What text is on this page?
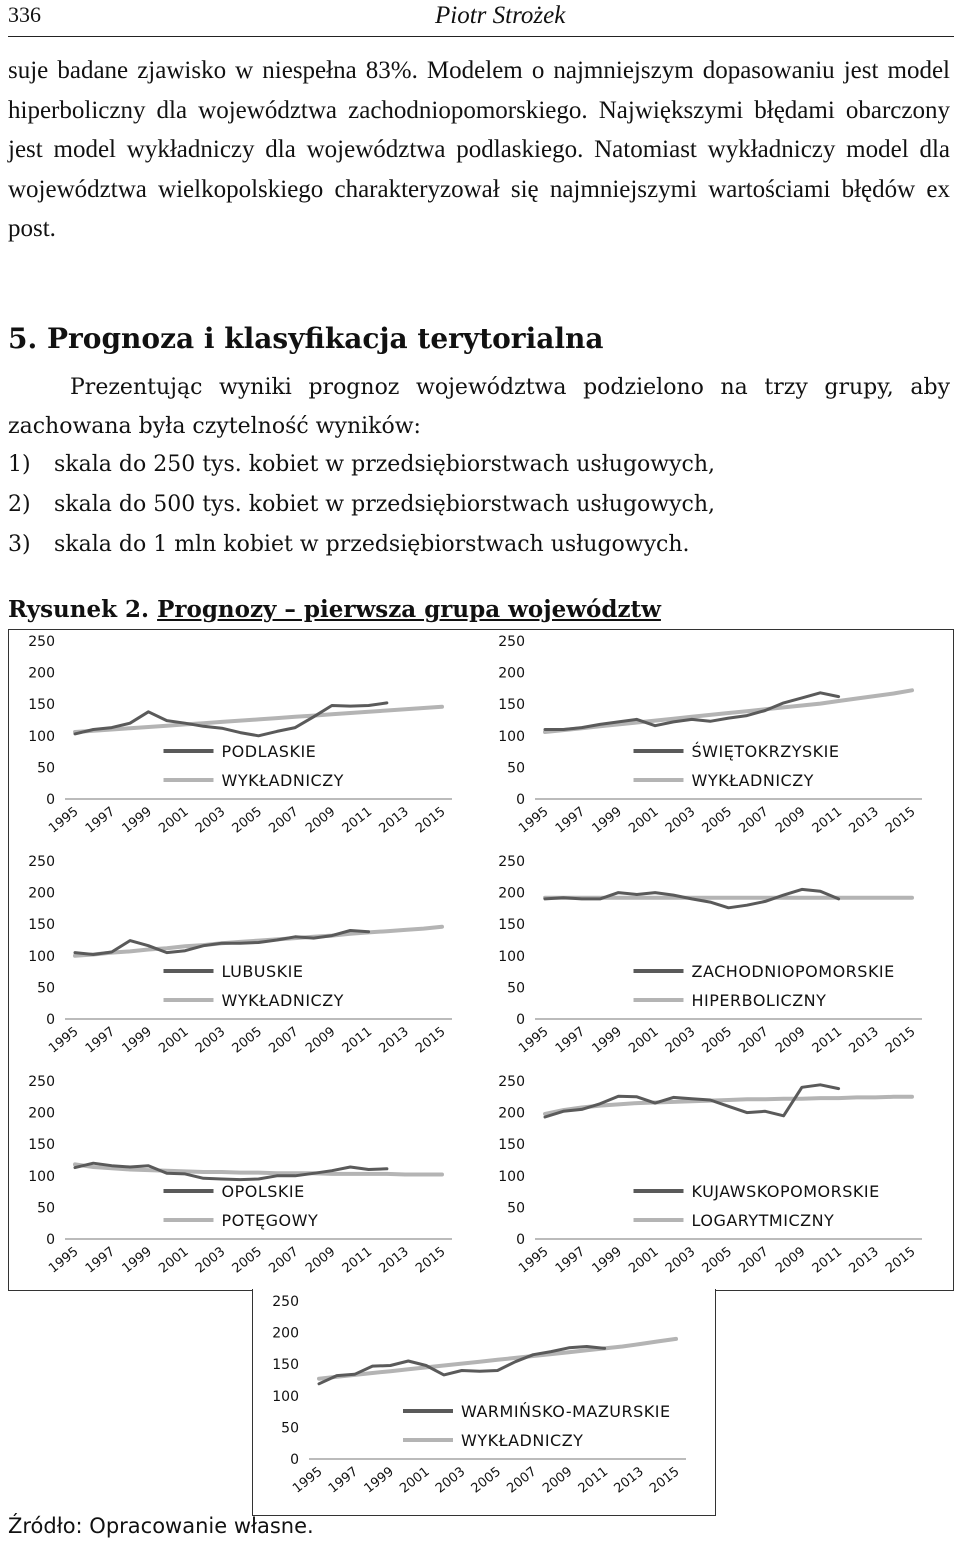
336	Piotr Strożek

suje badane zjawisko w niespełna 83%. Modelem o najmniejszym dopasowaniu jest model hiperboliczny dla województwa zachodniopomorskiego. Największymi błędami obarczony jest model wykładniczy dla województwa podlaskiego. Natomiast wykładniczy model dla województwa wielkopolskiego charakteryzował się najmniejszymi wartościami błędów ex post.

5. Prognoza i klasyfikacja terytorialna

Prezentując wyniki prognoz województwa podzielono na trzy grupy, aby zachowana była czytelność wyników:

1) skala do 250 tys. kobiet w przedsiębiorstwach usługowych,
2) skala do 500 tys. kobiet w przedsiębiorstwach usługowych,
3) skala do 1 mln kobiet w przedsiębiorstwach usługowych.
Rysunek 2. Prognozy – pierwsza grupa województw
0
50
100
150
200
250
1995 1997 1999 2001 2003 2005 2007 2009 2011 2013 2015
PODLASKIE
WYKŁADNICZY
0
50
100
150
200
250
1995 1997 1999 2001 2003 2005 2007 2009 2011 2013 2015
ŚWIĘTOKRZYSKIE
WYKŁADNICZY
0
50
100
150
200
250
1995 1997 1999 2001 2003 2005 2007 2009 2011 2013 2015
LUBUSKIE
WYKŁADNICZY
0
50
100
150
200
250
1995 1997 1999 2001 2003 2005 2007 2009 2011 2013 2015
ZACHODNIOPOMORSKIE
HIPERBOLICZNY
0
50
100
150
200
250
1995 1997 1999 2001 2003 2005 2007 2009 2011 2013 2015
OPOLSKIE
POTĘGOWY
0
50
100
150
200
250
1995 1997 1999 2001 2003 2005 2007 2009 2011 2013 2015
KUJAWSKOPOMORSKIE
LOGARYTMICZNY
0
50
100
150
200
250
1995 1997 1999 2001 2003 2005 2007 2009 2011 2013 2015
WARMIŃSKO-MAZURSKIE
WYKŁADNICZY
Źródło: Opracowanie własne.
